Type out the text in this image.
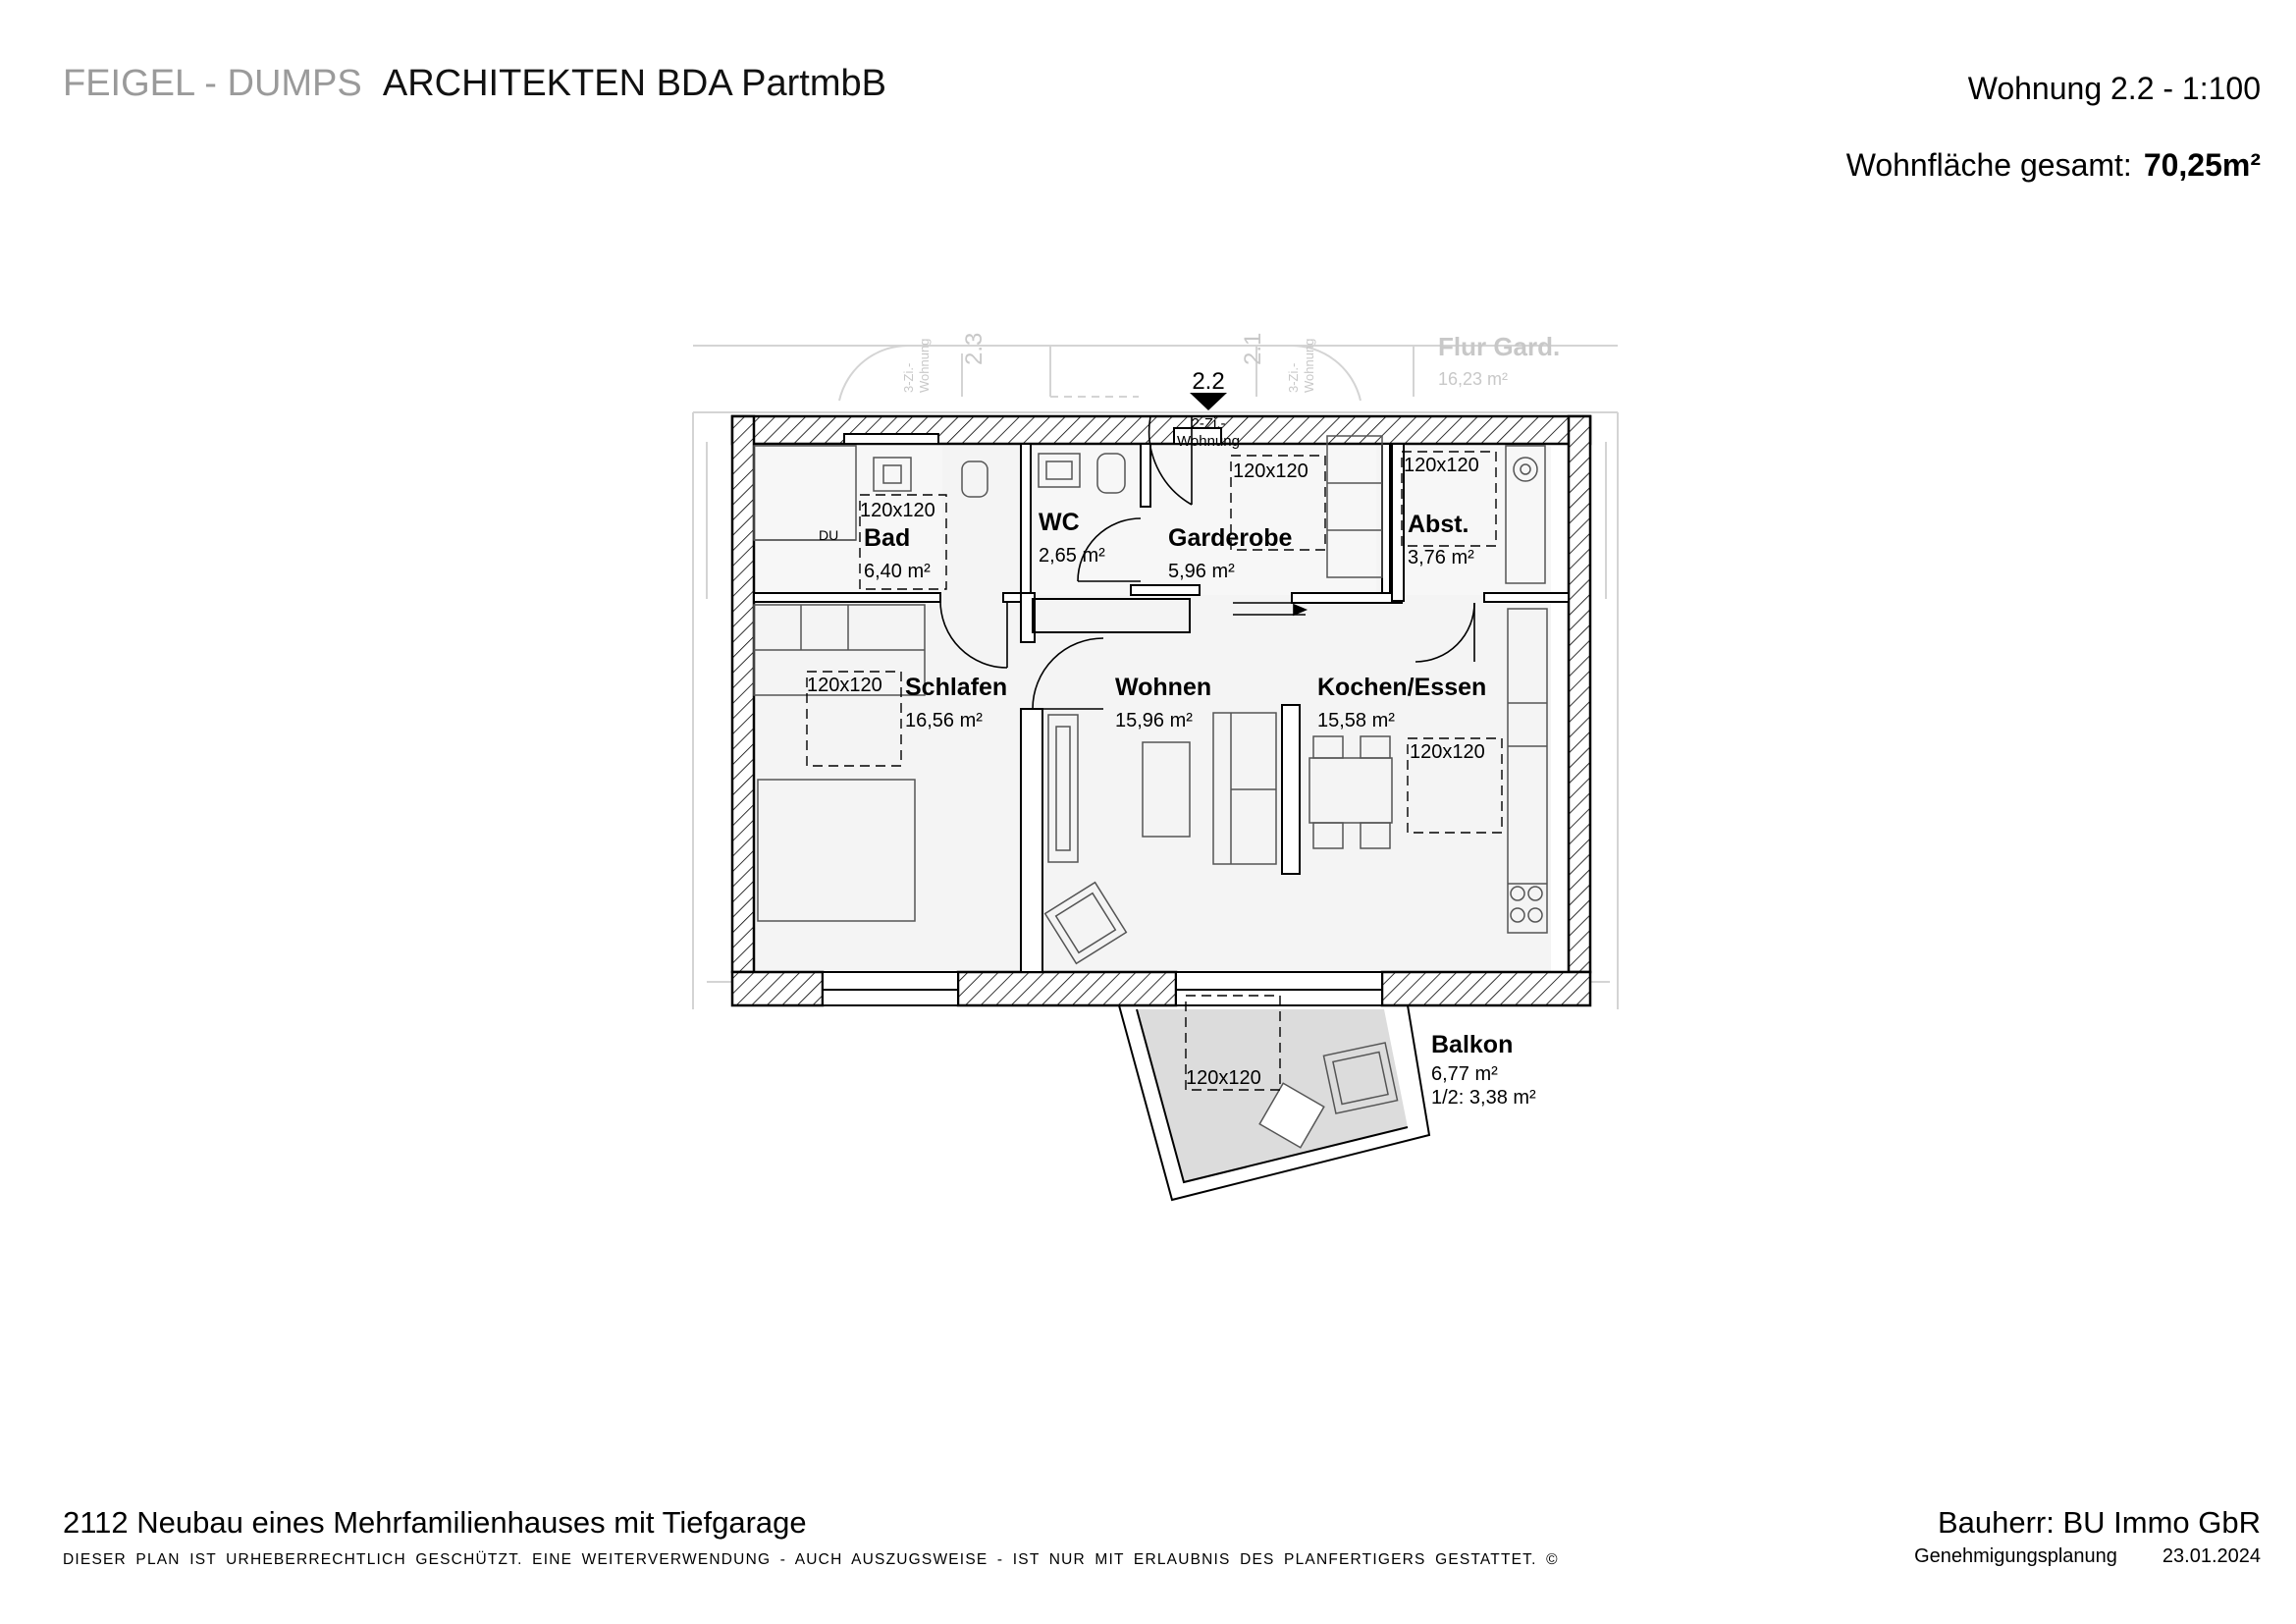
FEIGEL - DUMPS ARCHITEKTEN BDA PartmbB	Wohnung 2.2 - 1:100
Wohnfläche gesamt: 70,25m²
Flur Gard.
16,23 m²
2.3
3-Zi.- Wohnung	2.1
3-Zi.- Wohnung
2.2
2-Zi.-
Wohnung
120x120
120x120	120x120
120x120
120x120
120x120
DU Bad
6,40 m²
WC
2,65 m²
Garderobe
5,96 m²
Abst.
3,76 m²
Schlafen
16,56 m²
Wohnen
15,96 m²
Kochen/Essen
15,58 m²
Balkon
6,77 m²
1/2: 3,38 m²
2112 Neubau eines Mehrfamilienhauses mit Tiefgarage
DIESER PLAN IST URHEBERRECHTLICH GESCHÜTZT. EINE WEITERVERWENDUNG - AUCH AUSZUGSWEISE - IST NUR MIT ERLAUBNIS DES PLANFERTIGERS GESTATTET. ©
Bauherr: BU Immo GbR
Genehmigungsplanung 23.01.2024
